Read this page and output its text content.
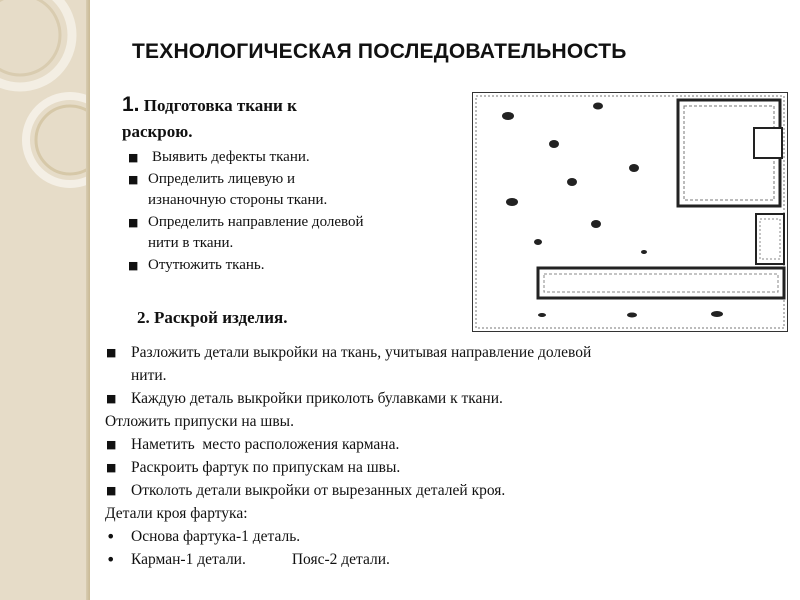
ТЕХНОЛОГИЧЕСКАЯ ПОСЛЕДОВАТЕЛЬНОСТЬ
1. Подготовка ткани к
раскрою.
■ Выявить дефекты ткани.
■ Определить лицевую и
изнаночную стороны ткани.
■ Определить направление долевой
нити в ткани.
■ Отутюжить ткань.
2. Раскрой изделия.
■ Разложить детали выкройки на ткань, учитывая направление долевой
нити.
■ Каждую деталь выкройки приколоть булавками к ткани.
Отложить припуски на швы.
■ Наметить  место расположения кармана.
■ Раскроить фартук по припускам на швы.
■ Отколоть детали выкройки от вырезанных деталей кроя.
Детали кроя фартука:
• Основа фартука-1 деталь.
• Карман-1 детали.	Пояс-2 детали.
